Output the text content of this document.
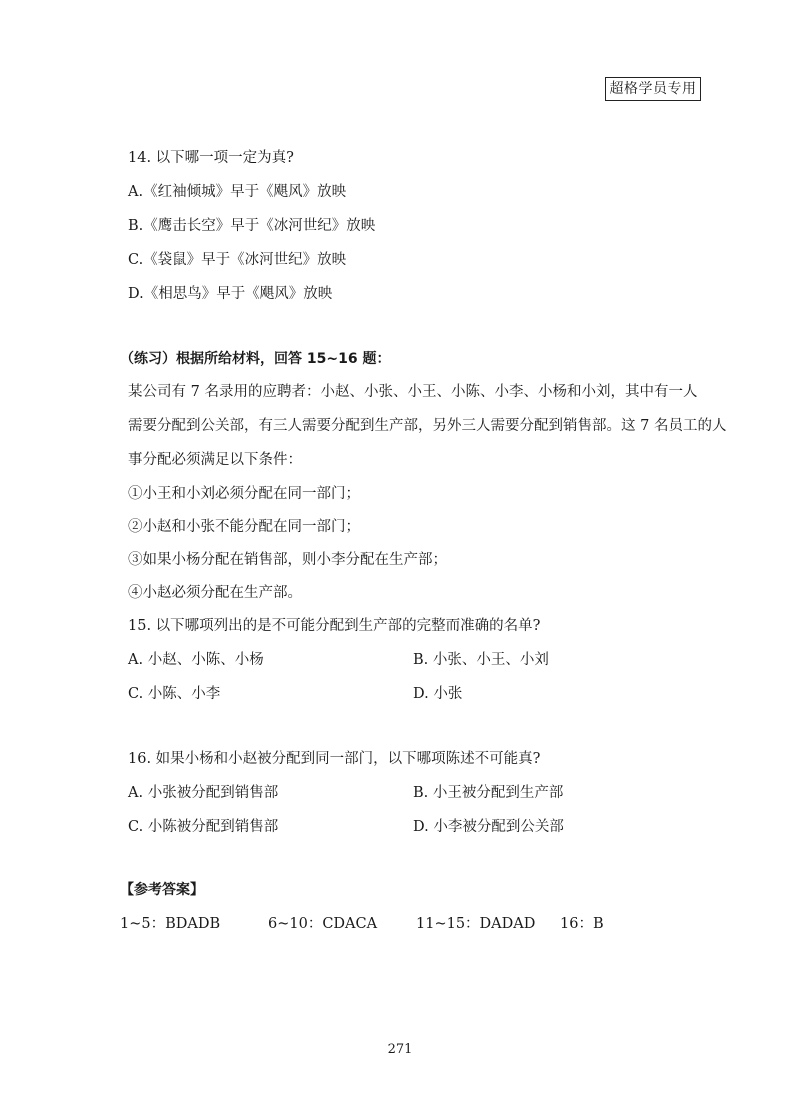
超格学员专用
14. 以下哪一项一定为真?
A.《红袖倾城》早于《飓风》放映
B.《鹰击长空》早于《冰河世纪》放映
C.《袋鼠》早于《冰河世纪》放映
D.《相思鸟》早于《飓风》放映
（练习）根据所给材料，回答 15~16 题：
某公司有 7 名录用的应聘者：小赵、小张、小王、小陈、小李、小杨和小刘，其中有一人
需要分配到公关部，有三人需要分配到生产部，另外三人需要分配到销售部。这 7 名员工的人
事分配必须满足以下条件：
①小王和小刘必须分配在同一部门；
②小赵和小张不能分配在同一部门；
③如果小杨分配在销售部，则小李分配在生产部；
④小赵必须分配在生产部。
15. 以下哪项列出的是不可能分配到生产部的完整而准确的名单?
A. 小赵、小陈、小杨	B. 小张、小王、小刘
C. 小陈、小李	D. 小张
16. 如果小杨和小赵被分配到同一部门，以下哪项陈述不可能真?
A. 小张被分配到销售部	B. 小王被分配到生产部
C. 小陈被分配到销售部	D. 小李被分配到公关部
【参考答案】
1~5：BDADB	6~10：CDACA	11~15：DADAD 16：B
271
